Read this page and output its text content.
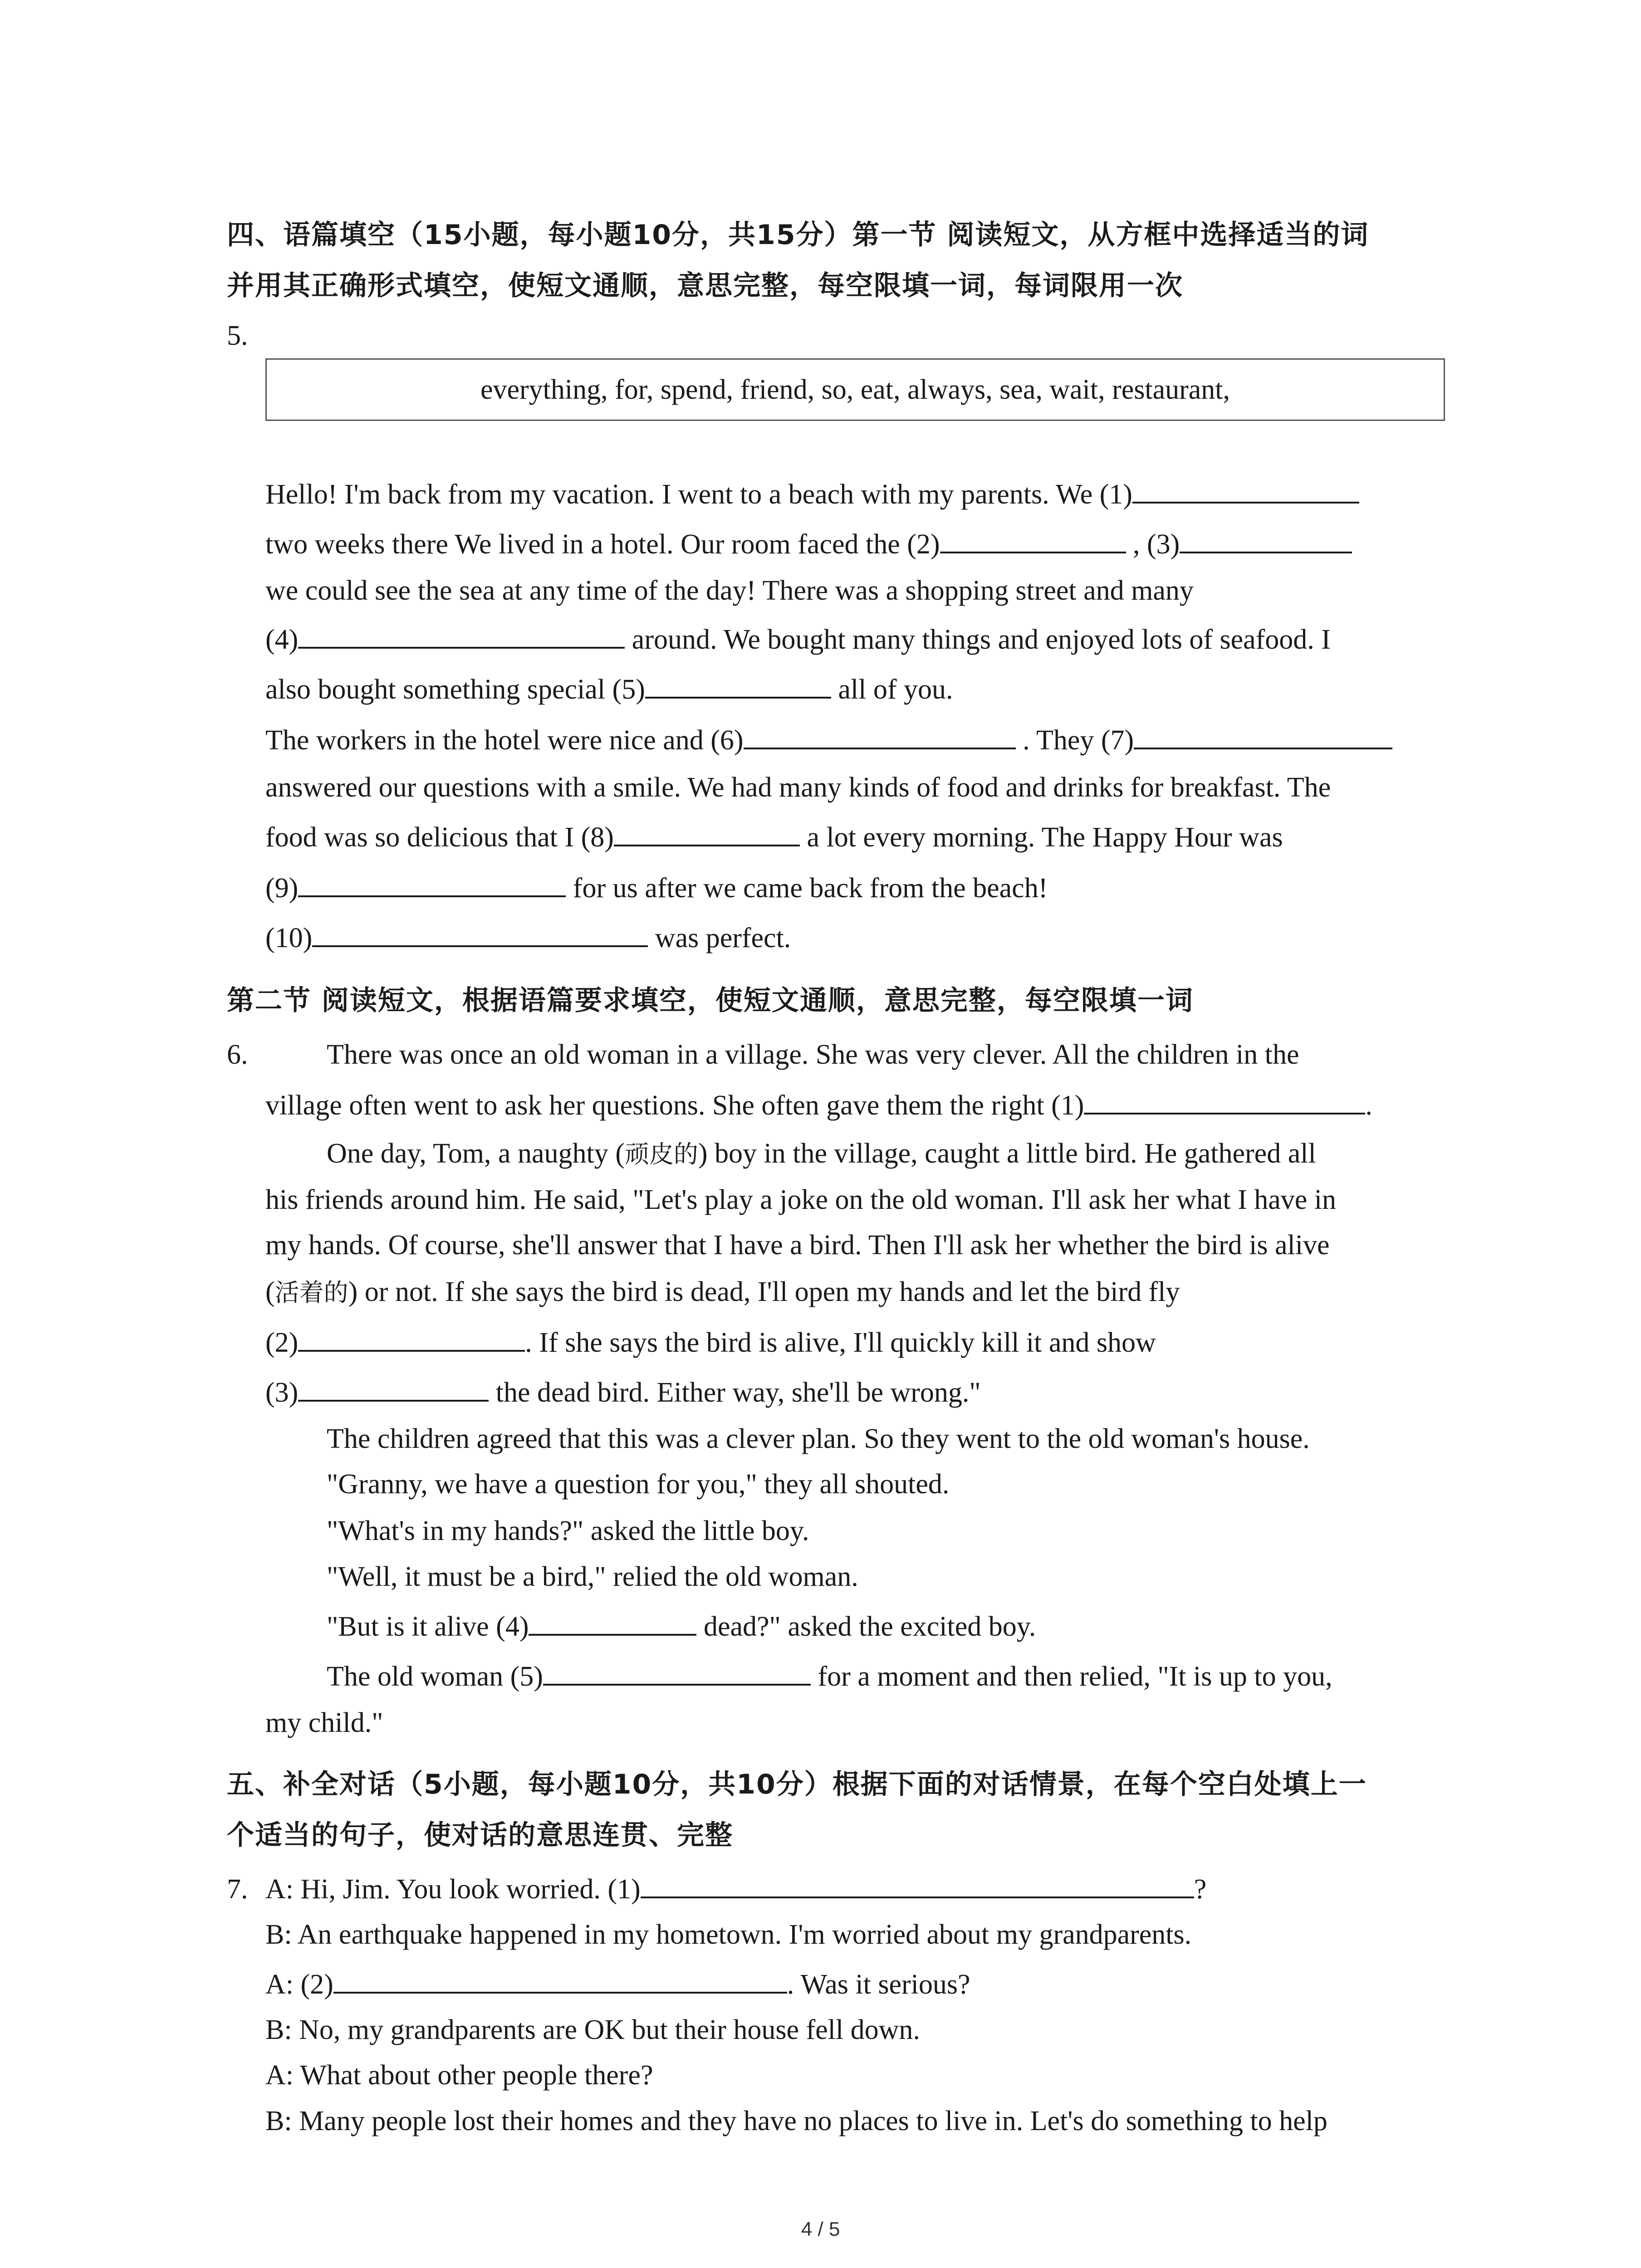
四、语篇填空（15小题，每小题10分，共15分）第一节 阅读短文，从方框中选择适当的词
并用其正确形式填空，使短文通顺，意思完整，每空限填一词，每词限用一次
5.
everything, for, spend, friend, so, eat, always, sea, wait, restaurant,
Hello! I'm back from my vacation. I went to a beach with my parents. We (1)
two weeks there We lived in a hotel. Our room faced the (2)	, (3)
we could see the sea at any time of the day! There was a shopping street and many
(4)	around. We bought many things and enjoyed lots of seafood. I
also bought something special (5)	all of you.
The workers in the hotel were nice and (6)	. They (7)
answered our questions with a smile. We had many kinds of food and drinks for breakfast. The
food was so delicious that I (8)	a lot every morning. The Happy Hour was
(9)	for us after we came back from the beach!
(10)	was perfect.
第二节 阅读短文，根据语篇要求填空，使短文通顺，意思完整，每空限填一词
6.	There was once an old woman in a village. She was very clever. All the children in the
village often went to ask her questions. She often gave them the right (1)	.
One day, Tom, a naughty (顽皮的) boy in the village, caught a little bird. He gathered all
his friends around him. He said, "Let's play a joke on the old woman. I'll ask her what I have in
my hands. Of course, she'll answer that I have a bird. Then I'll ask her whether the bird is alive
(活着的) or not. If she says the bird is dead, I'll open my hands and let the bird fly
(2)	. If she says the bird is alive, I'll quickly kill it and show
(3)	the dead bird. Either way, she'll be wrong."
The children agreed that this was a clever plan. So they went to the old woman's house.
"Granny, we have a question for you," they all shouted.
"What's in my hands?" asked the little boy.
"Well, it must be a bird," relied the old woman.
"But is it alive (4)	dead?" asked the excited boy.
The old woman (5)	for a moment and then relied, "It is up to you,
my child."
五、补全对话（5小题，每小题10分，共10分）根据下面的对话情景，在每个空白处填上一
个适当的句子，使对话的意思连贯、完整
7. A: Hi, Jim. You look worried. (1)	?
B: An earthquake happened in my hometown. I'm worried about my grandparents.
A: (2)	. Was it serious?
B: No, my grandparents are OK but their house fell down.
A: What about other people there?
B: Many people lost their homes and they have no places to live in. Let's do something to help
4 / 5
